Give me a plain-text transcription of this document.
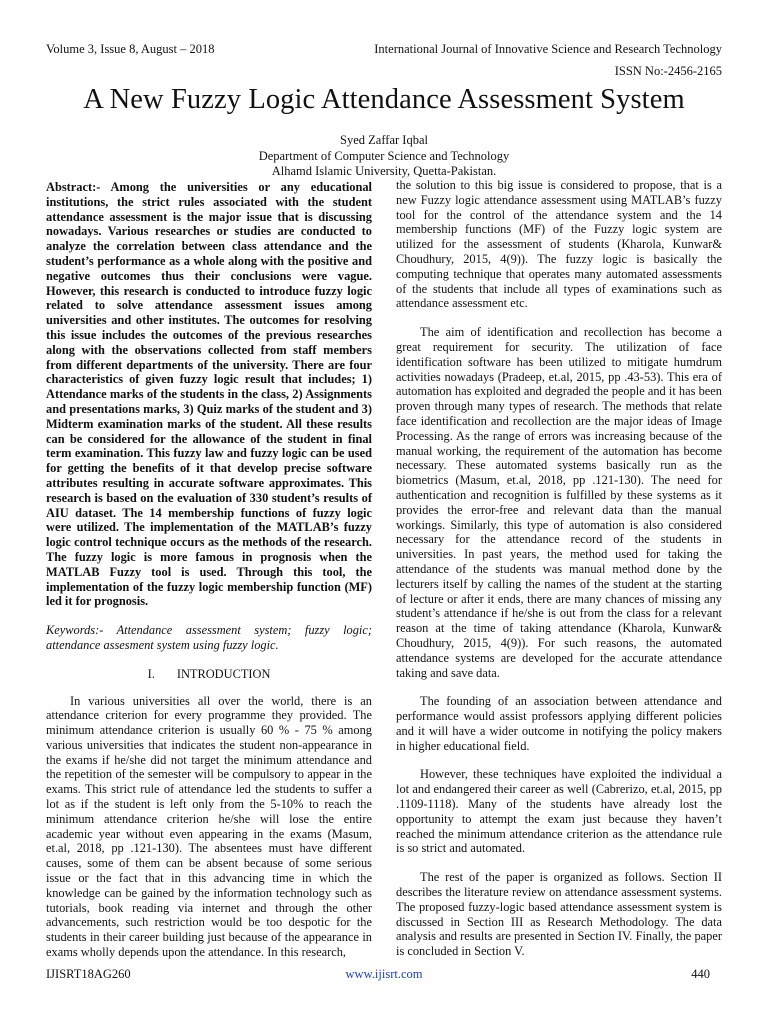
Volume 3, Issue 8, August – 2018	International Journal of Innovative Science and Research Technology
ISSN No:-2456-2165
A New Fuzzy Logic Attendance Assessment System
Syed Zaffar Iqbal
Department of Computer Science and Technology
Alhamd Islamic University, Quetta-Pakistan.

Abstract:- Among the universities or any educational institutions, the strict rules associated with the student attendance assessment is the major issue that is discussing nowadays. Various researches or studies are conducted to analyze the correlation between class attendance and the student’s performance as a whole along with the positive and negative outcomes thus their conclusions were vague. However, this research is conducted to introduce fuzzy logic related to solve attendance assessment issues among universities and other institutes. The outcomes for resolving this issue includes the outcomes of the previous researches along with the observations collected from staff members from different departments of the university. There are four characteristics of given fuzzy logic result that includes; 1) Attendance marks of the students in the class, 2) Assignments and presentations marks, 3) Quiz marks of the student and 3) Midterm examination marks of the student. All these results can be considered for the allowance of the student in final term examination. This fuzzy law and fuzzy logic can be used for getting the benefits of it that develop precise software attributes resulting in accurate software approximates. This research is based on the evaluation of 330 student’s results of AIU dataset. The 14 membership functions of fuzzy logic were utilized. The implementation of the MATLAB’s fuzzy logic control technique occurs as the methods of the research. The fuzzy logic is more famous in prognosis when the MATLAB Fuzzy tool is used. Through this tool, the implementation of the fuzzy logic membership function (MF) led it for prognosis.

Keywords:- Attendance assessment system; fuzzy logic; attendance assesment system using fuzzy logic.

I. INTRODUCTION

In various universities all over the world, there is an attendance criterion for every programme they provided. The minimum attendance criterion is usually 60 % - 75 % among various universities that indicates the student non-appearance in the exams if he/she did not target the minimum attendance and the repetition of the semester will be compulsory to appear in the exams. This strict rule of attendance led the students to suffer a lot as if the student is left only from the 5-10% to reach the minimum attendance criterion he/she will lose the entire academic year without even appearing in the exams (Masum, et.al, 2018, pp .121-130). The absentees must have different causes, some of them can be absent because of some serious issue or the fact that in this advancing time in which the knowledge can be gained by the information technology such as tutorials, book reading via internet and through the other advancements, such restriction would be too despotic for the students in their career building just because of the appearance in exams wholly depends upon the attendance. In this research,

the solution to this big issue is considered to propose, that is a new Fuzzy logic attendance assessment using MATLAB’s fuzzy tool for the control of the attendance system and the 14 membership functions (MF) of the Fuzzy logic system are utilized for the assessment of students (Kharola, Kunwar& Choudhury, 2015, 4(9)). The fuzzy logic is basically the computing technique that operates many automated assessments of the students that include all types of examinations such as attendance assessment etc.

The aim of identification and recollection has become a great requirement for security. The utilization of face identification software has been utilized to mitigate humdrum activities nowadays (Pradeep, et.al, 2015, pp .43-53). This era of automation has exploited and degraded the people and it has been proven through many types of research. The methods that relate face identification and recollection are the major ideas of Image Processing. As the range of errors was increasing because of the manual working, the requirement of the automation has become necessary. These automated systems basically run as the biometrics (Masum, et.al, 2018, pp .121-130). The need for authentication and recognition is fulfilled by these systems as it provides the error-free and relevant data than the manual workings. Similarly, this type of automation is also considered necessary for the attendance record of the students in universities. In past years, the method used for taking the attendance of the students was manual method done by the lecturers itself by calling the names of the student at the starting of lecture or after it ends, there are many chances of missing any student’s attendance if he/she is out from the class for a relevant reason at the time of taking attendance (Kharola, Kunwar& Choudhury, 2015, 4(9)). For such reasons, the automated attendance systems are developed for the accurate attendance taking and save data.

The founding of an association between attendance and performance would assist professors applying different policies and it will have a wider outcome in notifying the policy makers in higher educational field.

However, these techniques have exploited the individual a lot and endangered their career as well (Cabrerizo, et.al, 2015, pp .1109-1118). Many of the students have already lost the opportunity to attempt the exam just because they haven’t reached the minimum attendance criterion as the attendance rule is so strict and automated.

The rest of the paper is organized as follows. Section II describes the literature review on attendance assessment systems. The proposed fuzzy-logic based attendance assessment system is discussed in Section III as Research Methodology. The data analysis and results are presented in Section IV. Finally, the paper is concluded in Section V.

IJISRT18AG260	www.ijisrt.com	440
